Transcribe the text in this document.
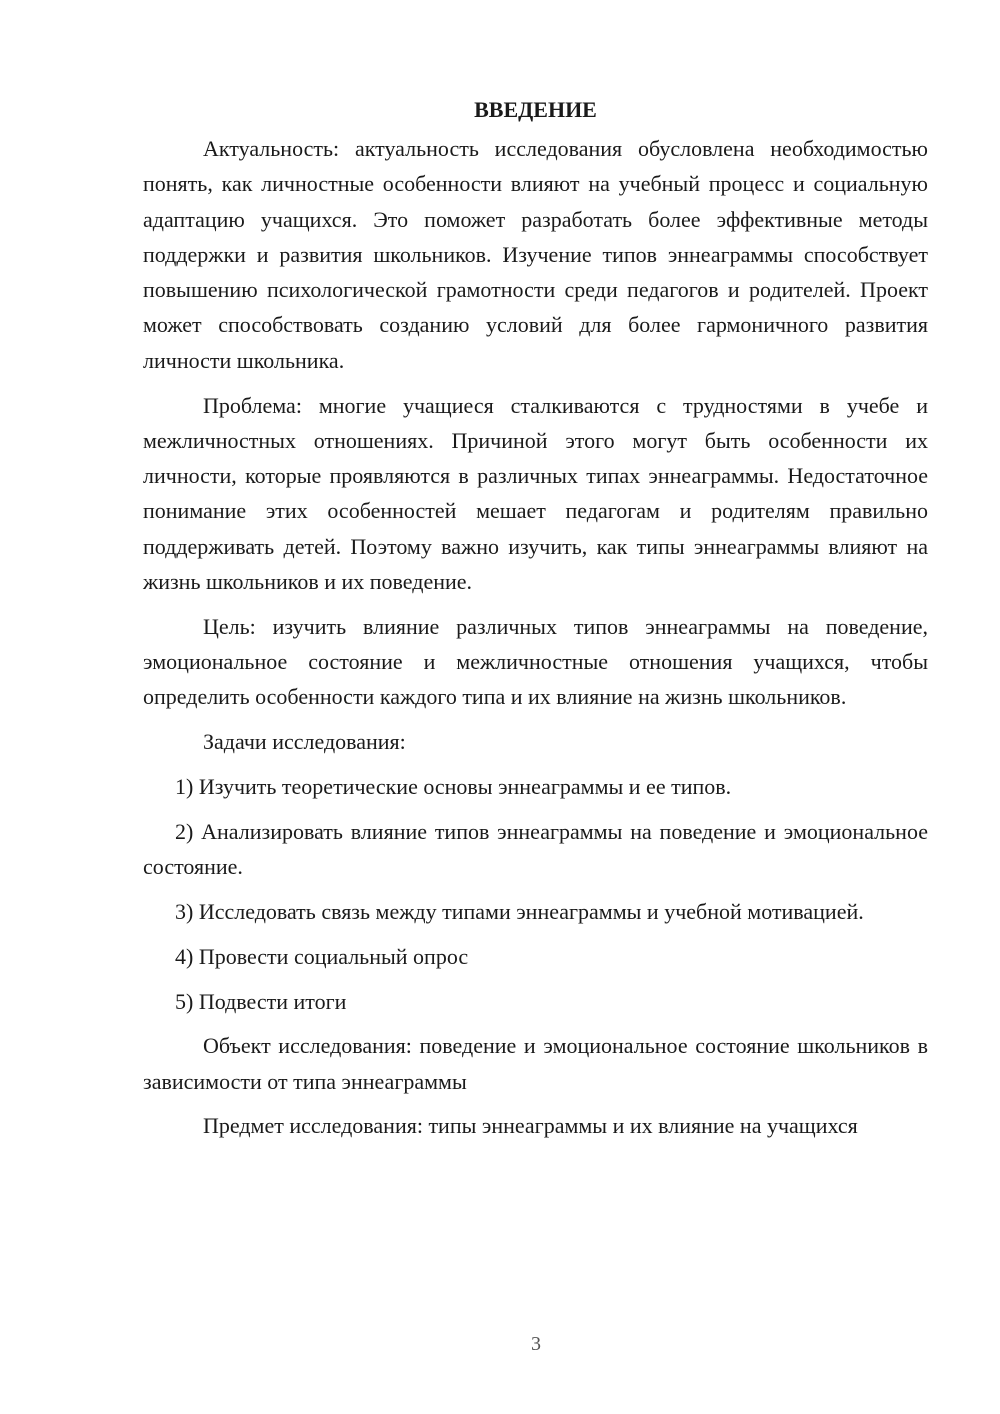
ВВЕДЕНИЕ

Актуальность: актуальность исследования обусловлена необходимостью понять, как личностные особенности влияют на учебный процесс и социальную адаптацию учащихся. Это поможет разработать более эффективные методы поддержки и развития школьников. Изучение типов эннеаграммы способствует повышению психологической грамотности среди педагогов и родителей. Проект может способствовать созданию условий для более гармоничного развития личности школьника.

Проблема: многие учащиеся сталкиваются с трудностями в учебе и межличностных отношениях. Причиной этого могут быть особенности их личности, которые проявляются в различных типах эннеаграммы. Недостаточное понимание этих особенностей мешает педагогам и родителям правильно поддерживать детей. Поэтому важно изучить, как типы эннеаграммы влияют на жизнь школьников и их поведение.

Цель: изучить влияние различных типов эннеаграммы на поведение, эмоциональное состояние и межличностные отношения учащихся, чтобы определить особенности каждого типа и их влияние на жизнь школьников.

Задачи исследования:

1) Изучить теоретические основы эннеаграммы и ее типов.

2) Анализировать влияние типов эннеаграммы на поведение и эмоциональное состояние.

3) Исследовать связь между типами эннеаграммы и учебной мотивацией.

4) Провести социальный опрос

5) Подвести итоги

Объект исследования: поведение и эмоциональное состояние школьников в зависимости от типа эннеаграммы

Предмет исследования: типы эннеаграммы и их влияние на учащихся

3
